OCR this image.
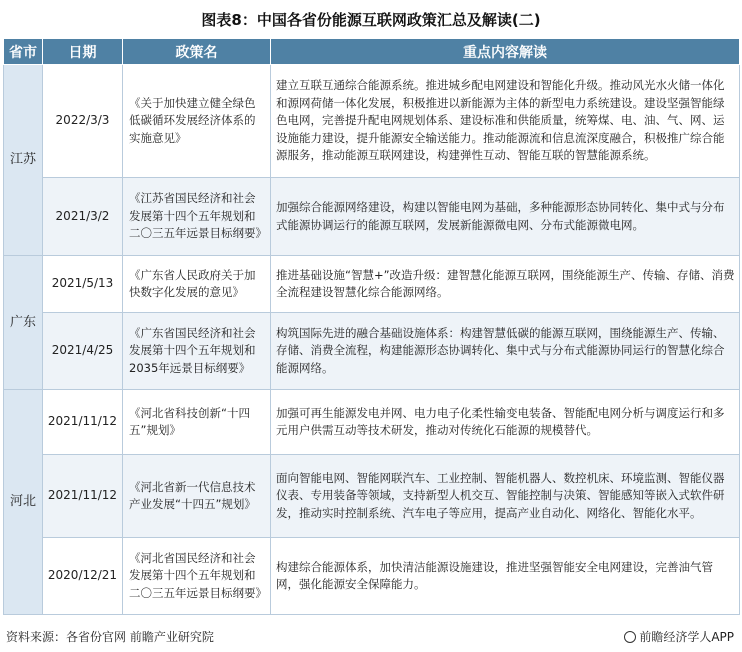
图表8：中国各省份能源互联网政策汇总及解读(二)
省市	日期	政策名	重点内容解读
江苏	2022/3/3	《关于加快建立健全绿色低碳循环发展经济体系的实施意见》	建立互联互通综合能源系统。推进城乡配电网建设和智能化升级。推动风光水火储一体化和源网荷储一体化发展，积极推进以新能源为主体的新型电力系统建设。建设坚强智能绿色电网，完善提升配电网规划体系、建设标准和供能质量，统筹煤、电、油、气、网、运设施能力建设，提升能源安全输送能力。推动能源流和信息流深度融合，积极推广综合能源服务，推动能源互联网建设，构建弹性互动、智能互联的智慧能源系统。
	2021/3/2	《江苏省国民经济和社会发展第十四个五年规划和二〇三五年远景目标纲要》	加强综合能源网络建设，构建以智能电网为基础，多种能源形态协同转化、集中式与分布式能源协调运行的能源互联网，发展新能源微电网、分布式能源微电网。
广东	2021/5/13	《广东省人民政府关于加快数字化发展的意见》	推进基础设施“智慧+”改造升级：建智慧化能源互联网，围绕能源生产、传输、存储、消费全流程建设智慧化综合能源网络。
	2021/4/25	《广东省国民经济和社会发展第十四个五年规划和2035年远景目标纲要》	构筑国际先进的融合基础设施体系：构建智慧低碳的能源互联网，围绕能源生产、传输、存储、消费全流程，构建能源形态协调转化、集中式与分布式能源协同运行的智慧化综合能源网络。
河北	2021/11/12	《河北省科技创新“十四五”规划》	加强可再生能源发电并网、电力电子化柔性输变电装备、智能配电网分析与调度运行和多元用户供需互动等技术研发，推动对传统化石能源的规模替代。
	2021/11/12	《河北省新一代信息技术产业发展“十四五”规划》	面向智能电网、智能网联汽车、工业控制、智能机器人、数控机床、环境监测、智能仪器仪表、专用装备等领域，支持新型人机交互、智能控制与决策、智能感知等嵌入式软件研发，推动实时控制系统、汽车电子等应用，提高产业自动化、网络化、智能化水平。
	2020/12/21	《河北省国民经济和社会发展第十四个五年规划和二〇三五年远景目标纲要》	构建综合能源体系，加快清洁能源设施建设，推进坚强智能安全电网建设，完善油气管网，强化能源安全保障能力。
资料来源：各省份官网 前瞻产业研究院	前瞻经济学人APP
